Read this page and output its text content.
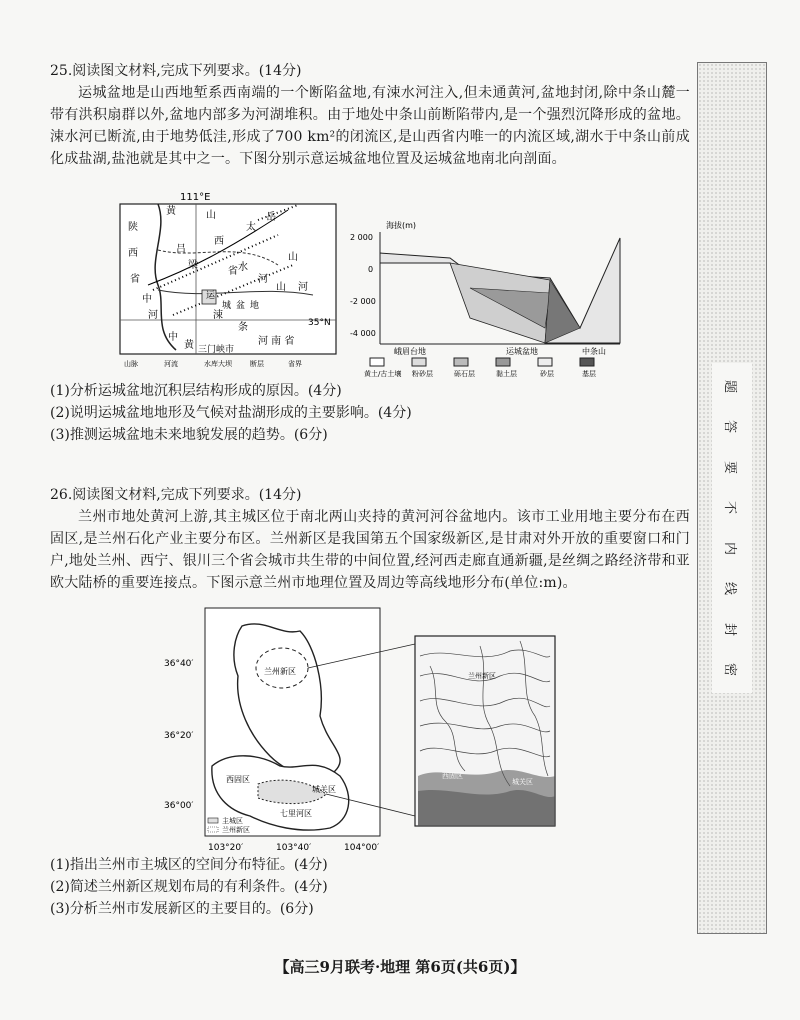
25.阅读图文材料,完成下列要求。(14分)
运城盆地是山西地堑系西南端的一个断陷盆地,有涑水河注入,但未通黄河,盆地封闭,除中条山麓一带有洪积扇群以外,盆地内部多为河湖堆积。由于地处中条山前断陷带内,是一个强烈沉降形成的盆地。涑水河已断流,由于地势低洼,形成了700 km²的闭流区,是山西省内唯一的内流区域,湖水于中条山前成化成盐湖,盐池就是其中之一。下图分别示意运城盆地位置及运城盆地南北向剖面。
111°E
35°N
陕
西
省
黄	山
西
省
吕
梁
太
岳
水
河
山
运
城 盆 地
涑
条
河
中	河 南 省
黄 三门峡市
河
中
山
山脉	河流	水库大坝	断层	省界
海拔(m)
2 000
0
-2 000
-4 000
峨眉台地	运城盆地	中条山
黄土/古土壤 粉砂层	砾石层	黏土层	砂层	基层

(1)分析运城盆地沉积层结构形成的原因。(4分)

(2)说明运城盆地地形及气候对盐湖形成的主要影响。(4分)

(3)推测运城盆地未来地貌发展的趋势。(6分)

26.阅读图文材料,完成下列要求。(14分)
兰州市地处黄河上游,其主城区位于南北两山夹持的黄河河谷盆地内。该市工业用地主要分布在西固区,是兰州石化产业主要分布区。兰州新区是我国第五个国家级新区,是甘肃对外开放的重要窗口和门户,地处兰州、西宁、银川三个省会城市共生带的中间位置,经河西走廊直通新疆,是丝绸之路经济带和亚欧大陆桥的重要连接点。下图示意兰州市地理位置及周边等高线地形分布(单位:m)。
36°40′
36°20′
36°00′
103°20′	103°40′	104°00′
兰州新区
西固区
城关区
七里河区
主城区
兰州新区
兰州新区
西固区
城关区

(1)指出兰州市主城区的空间分布特征。(4分)

(2)简述兰州新区规划布局的有利条件。(4分)

(3)分析兰州市发展新区的主要目的。(6分)

题
答
要
不
内
线
封
密
【高三9月联考·地理 第6页(共6页)】
